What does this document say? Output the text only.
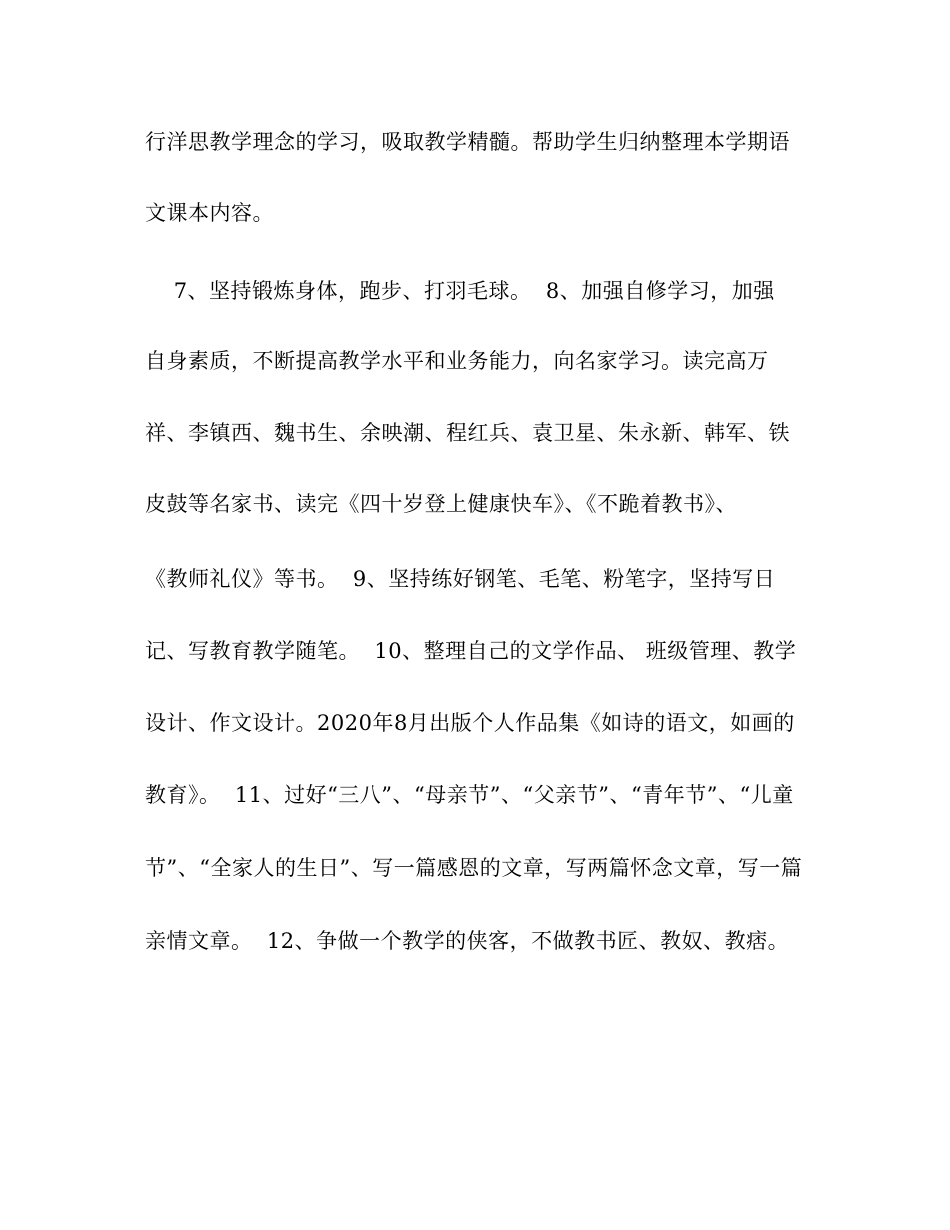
行洋思教学理念的学习，吸取教学精髓。帮助学生归纳整理本学期语
文课本内容。
7、坚持锻炼身体，跑步、打羽毛球。  8、加强自修学习，加强
自身素质，不断提高教学水平和业务能力，向名家学习。读完高万
祥、李镇西、魏书生、余映潮、程红兵、袁卫星、朱永新、韩军、铁
皮鼓等名家书、读完《四十岁登上健康快车》、《不跪着教书》、
《教师礼仪》等书。  9、坚持练好钢笔、毛笔、粉笔字，坚持写日
记、写教育教学随笔。  10、整理自己的文学作品、 班级管理、教学
设计、作文设计。2020年8月出版个人作品集《如诗的语文，如画的
教育》。  11、过好“三八”、“母亲节”、“父亲节”、“青年节”、“儿童
节”、“全家人的生日”、写一篇感恩的文章，写两篇怀念文章，写一篇
亲情文章。  12、争做一个教学的侠客，不做教书匠、教奴、教痞。
